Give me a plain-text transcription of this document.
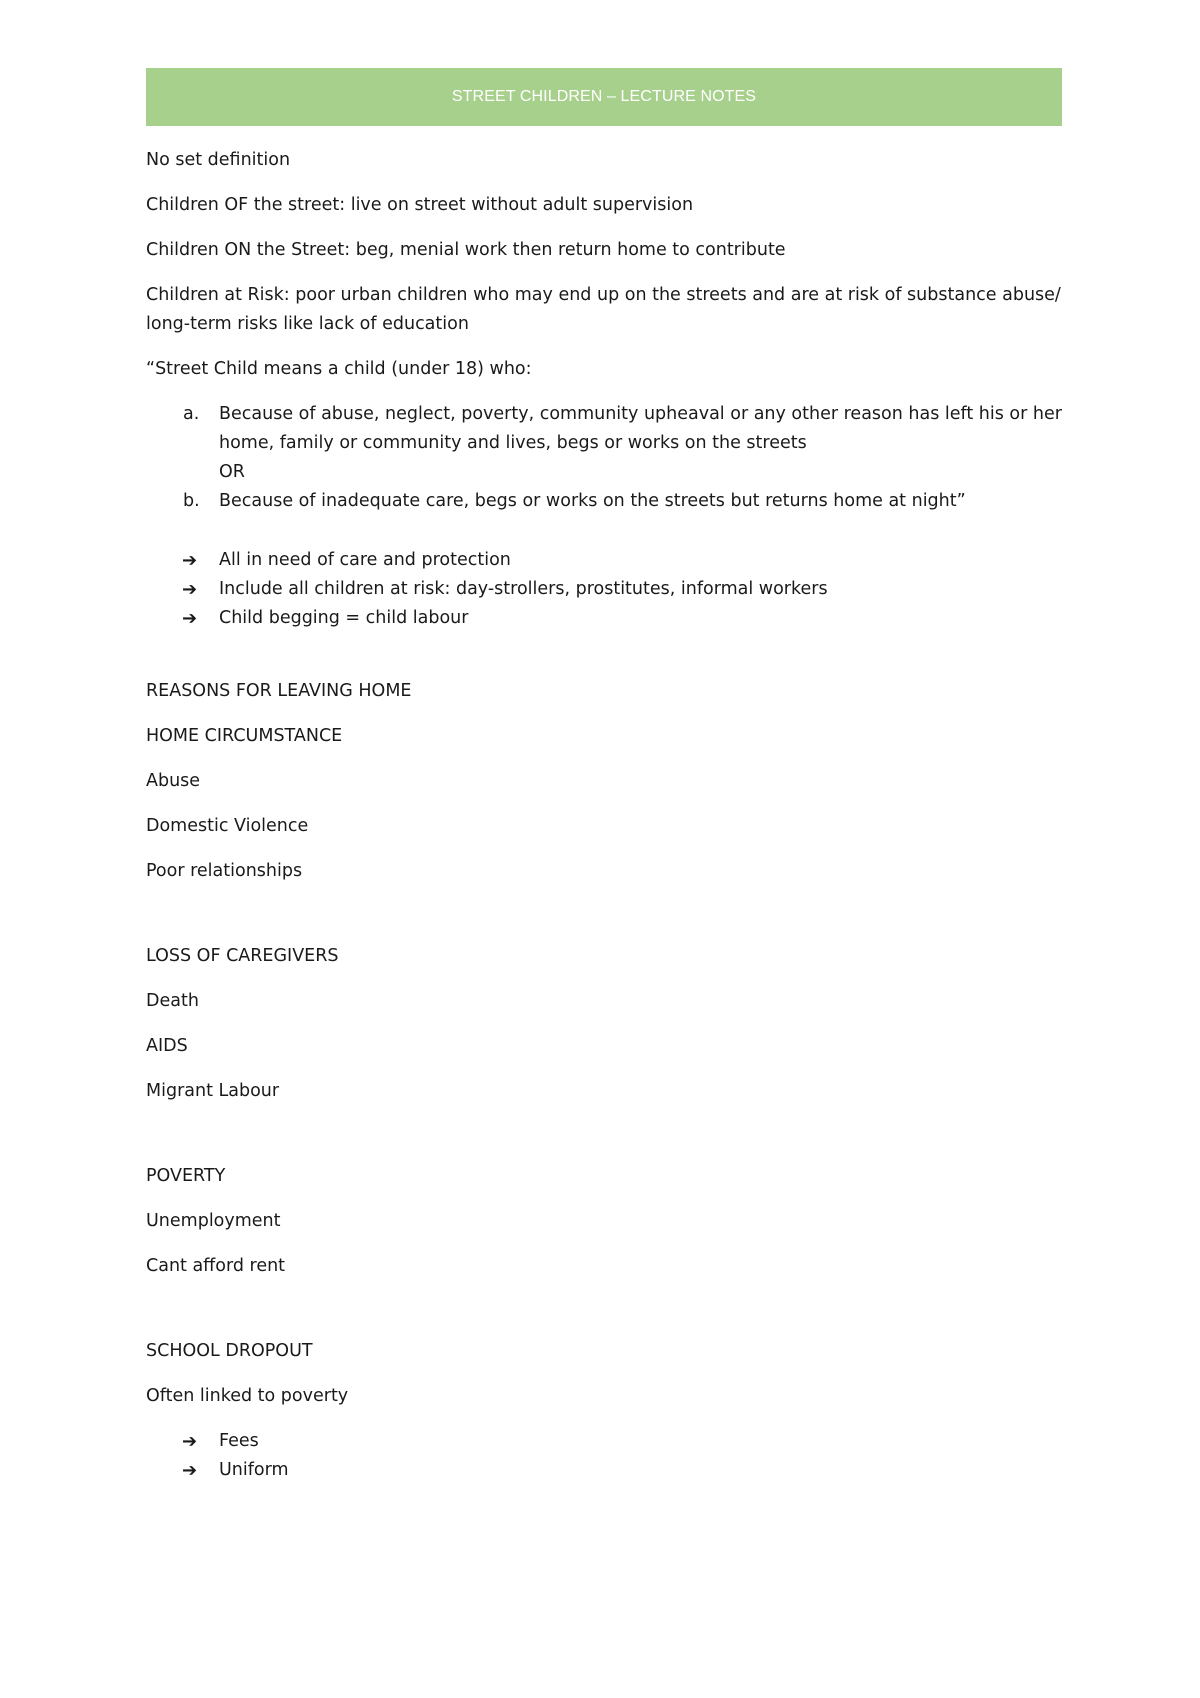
STREET CHILDREN – LECTURE NOTES

No set definition

Children OF the street: live on street without adult supervision

Children ON the Street: beg, menial work then return home to contribute

Children at Risk: poor urban children who may end up on the streets and are at risk of substance abuse/ long-term risks like lack of education

“Street Child means a child (under 18) who:

a.	Because of abuse, neglect, poverty, community upheaval or any other reason has left his or her home, family or community and lives, begs or works on the streets
OR
b.	Because of inadequate care, begs or works on the streets but returns home at night”
➔	All in need of care and protection
➔	Include all children at risk: day-strollers, prostitutes, informal workers
➔	Child begging = child labour

REASONS FOR LEAVING HOME

HOME CIRCUMSTANCE

Abuse

Domestic Violence

Poor relationships

LOSS OF CAREGIVERS

Death

AIDS

Migrant Labour

POVERTY

Unemployment

Cant afford rent

SCHOOL DROPOUT

Often linked to poverty

➔	Fees
➔	Uniform
